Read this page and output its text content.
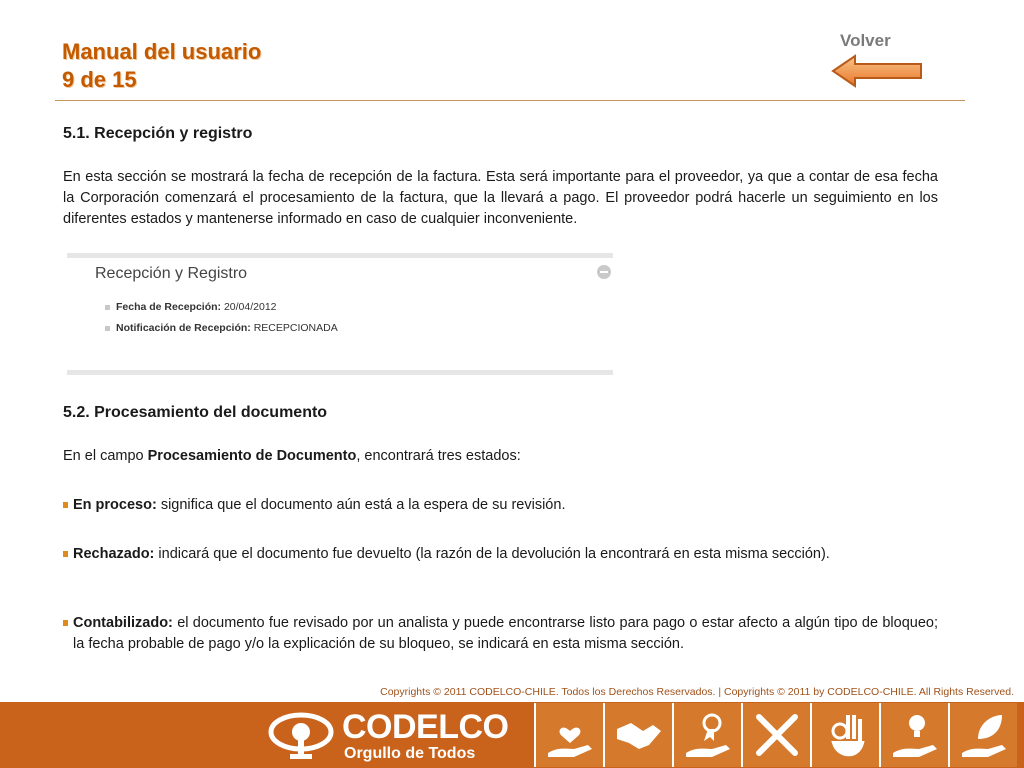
Manual del usuario
9 de 15
Volver
5.1. Recepción y registro

En esta sección se mostrará la fecha de recepción de la factura. Esta será importante para el proveedor, ya que a contar de esa fecha la Corporación comenzará el procesamiento de la factura, que la llevará a pago. El proveedor podrá hacerle un seguimiento en los diferentes estados y mantenerse informado en caso de cualquier inconveniente.

Recepción y Registro
Fecha de Recepción: 20/04/2012
Notificación de Recepción: RECEPCIONADA
5.2. Procesamiento del documento

En el campo Procesamiento de Documento, encontrará tres estados:

En proceso: significa que el documento aún está a la espera de su revisión.
Rechazado: indicará que el documento fue devuelto (la razón de la devolución la encontrará en esta misma sección).
Contabilizado: el documento fue revisado por un analista y puede encontrarse listo para pago o estar afecto a algún tipo de bloqueo; la fecha probable de pago y/o la explicación de su bloqueo, se indicará en esta misma sección.
Copyrights © 2011 CODELCO-CHILE. Todos los Derechos Reservados. | Copyrights © 2011 by CODELCO-CHILE. All Rights Reserved.
CODELCO
Orgullo de Todos
